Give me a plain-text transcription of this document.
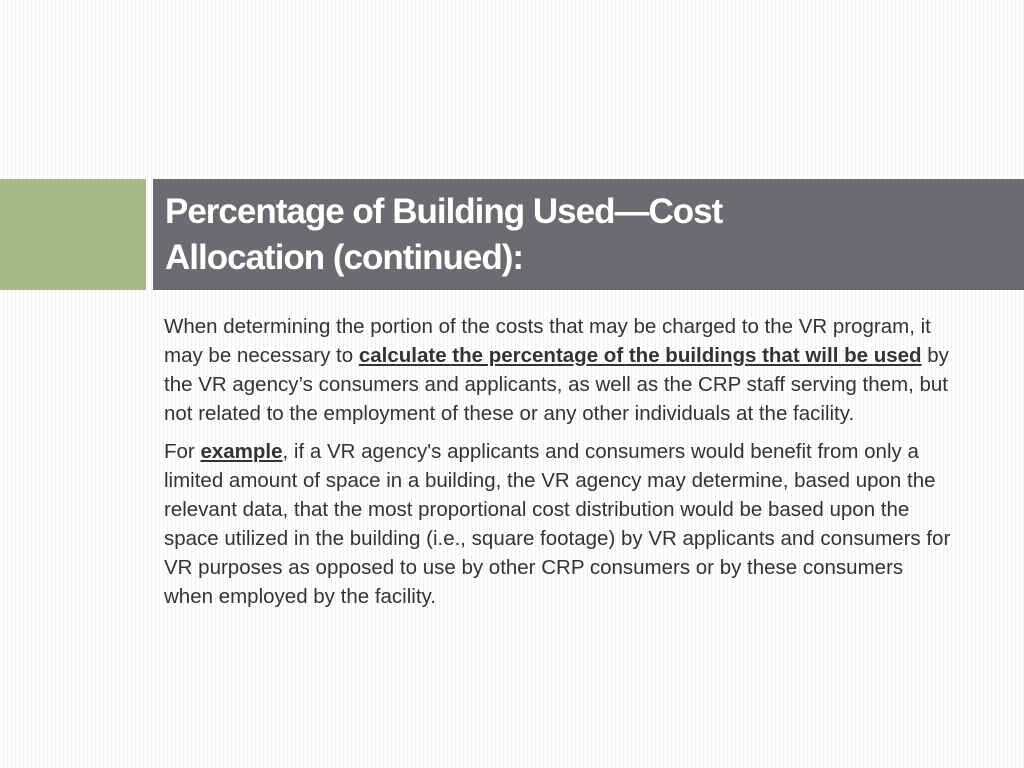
Percentage of Building Used—Cost
Allocation (continued):

When determining the portion of the costs that may be charged to the VR program, it may be necessary to calculate the percentage of the buildings that will be used by the VR agency’s consumers and applicants, as well as the CRP staff serving them, but not related to the employment of these or any other individuals at the facility.

For example, if a VR agency's applicants and consumers would benefit from only a limited amount of space in a building, the VR agency may determine, based upon the relevant data, that the most proportional cost distribution would be based upon the space utilized in the building (i.e., square footage) by VR applicants and consumers for VR purposes as opposed to use by other CRP consumers or by these consumers when employed by the facility.
